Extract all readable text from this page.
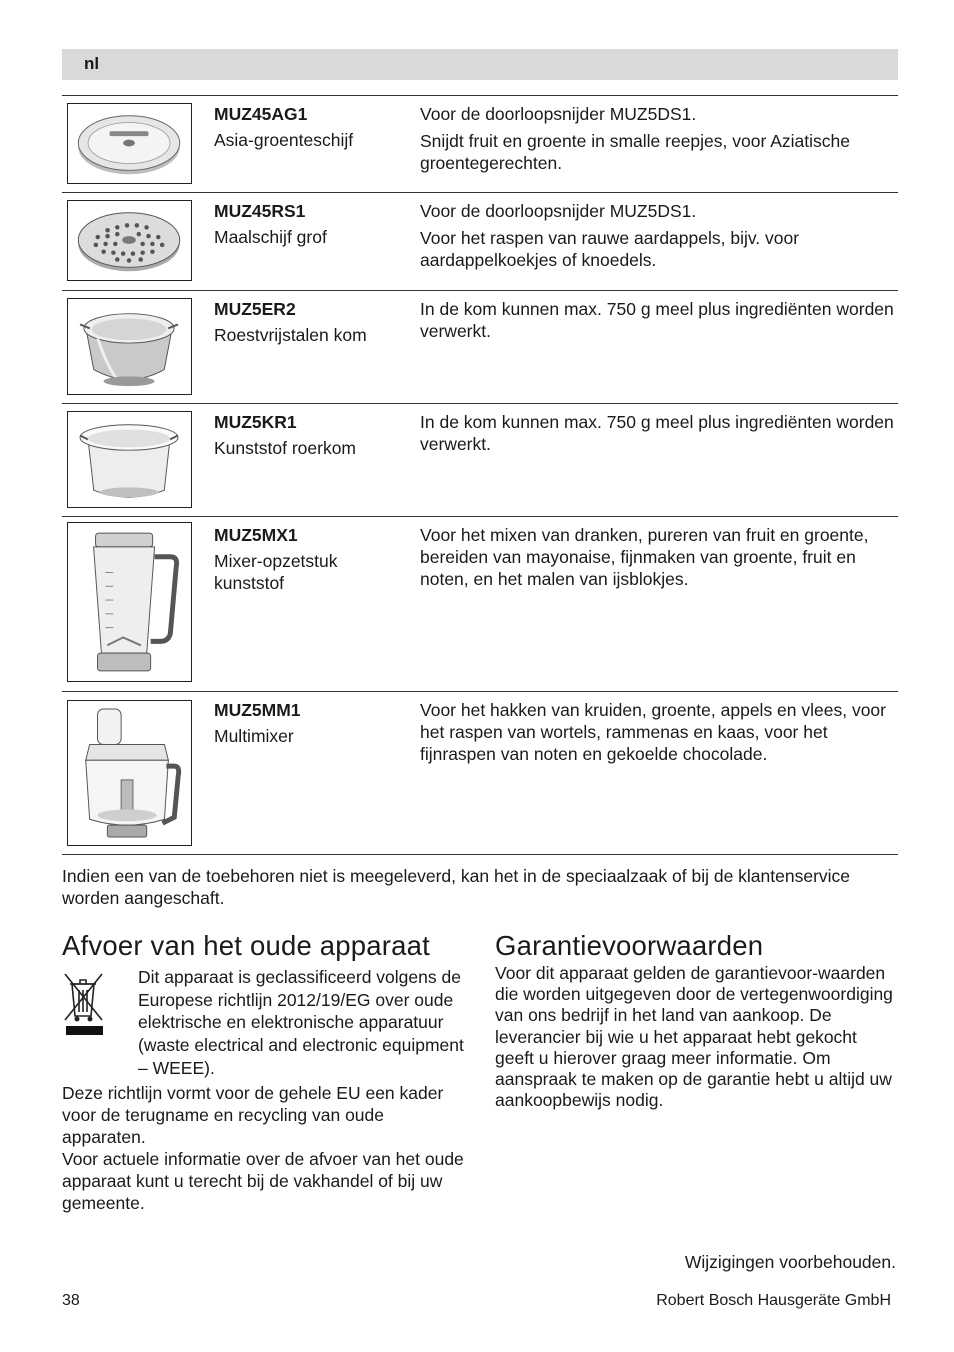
nl
MUZ45AG1
Asia-groenteschijf

Voor de doorloopsnijder MUZ5DS1.

Snijdt fruit en groente in smalle reepjes, voor Aziatische groentegerechten.

MUZ45RS1
Maalschijf grof

Voor de doorloopsnijder MUZ5DS1.

Voor het raspen van rauwe aardappels, bijv. voor aardappelkoekjes of knoedels.

MUZ5ER2
Roestvrijstalen kom

In de kom kunnen max. 750 g meel plus ingrediënten worden verwerkt.

MUZ5KR1
Kunststof roerkom

In de kom kunnen max. 750 g meel plus ingrediënten worden verwerkt.

MUZ5MX1
Mixer-opzetstuk kunststof

Voor het mixen van dranken, pureren van fruit en groente, bereiden van mayonaise, fijnmaken van groente, fruit en noten, en het malen van ijsblokjes.

MUZ5MM1
Multimixer

Voor het hakken van kruiden, groente, appels en vlees, voor het raspen van wortels, rammenas en kaas, voor het fijnraspen van noten en gekoelde chocolade.

Indien een van de toebehoren niet is meegeleverd, kan het in de speciaalzaak of bij de klantenservice worden aangeschaft.
Afvoer van het oude apparaat
Dit apparaat is geclassificeerd volgens de Europese richtlijn 2012/19/EG over oude elektrische en elektronische apparatuur (waste electrical and electronic equipment – WEEE).
Deze richtlijn vormt voor de gehele EU een kader voor de terugname en recycling van oude apparaten.
Voor actuele informatie over de afvoer van het oude apparaat kunt u terecht bij de vakhandel of bij uw gemeente.
Garantievoorwaarden
Voor dit apparaat gelden de garantievoor-waarden die worden uitgegeven door de vertegenwoordiging van ons bedrijf in het land van aankoop. De leverancier bij wie u het apparaat hebt gekocht geeft u hierover graag meer informatie. Om aanspraak te maken op de garantie hebt u altijd uw aankoopbewijs nodig.
Wijzigingen voorbehouden.
38	Robert Bosch Hausgeräte GmbH
